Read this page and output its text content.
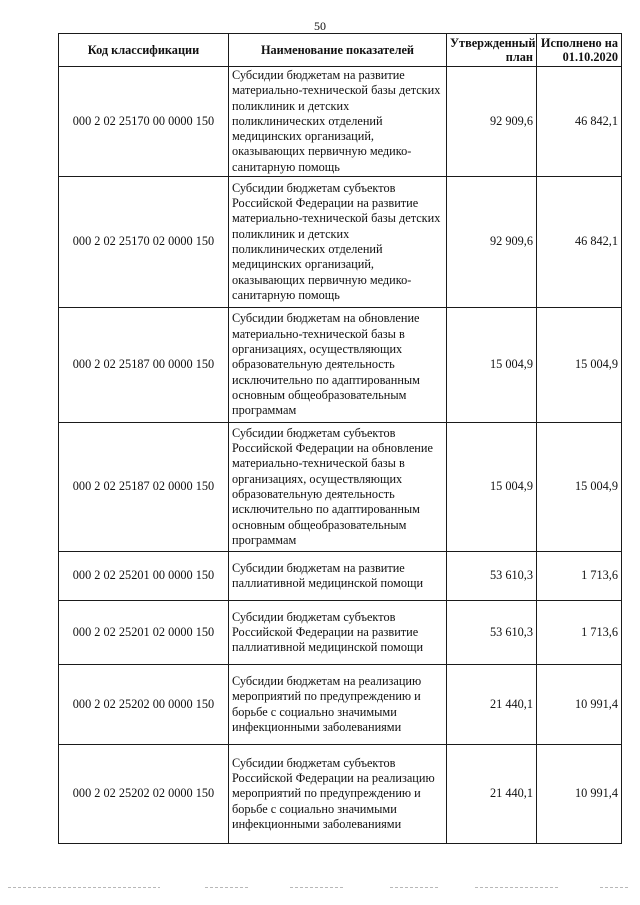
50
Код классификации	Наименование показателей	Утвержденный план	Исполнено на 01.10.2020
000 2 02 25170 00 0000 150	Субсидии бюджетам на развитие материально-технической базы детских поликлиник и детских поликлинических отделений медицинских организаций, оказывающих первичную медико-санитарную помощь	92 909,6	46 842,1
000 2 02 25170 02 0000 150	Субсидии бюджетам субъектов Российской Федерации на развитие материально-технической базы детских поликлиник и детских поликлинических отделений медицинских организаций, оказывающих первичную медико-санитарную помощь	92 909,6	46 842,1
000 2 02 25187 00 0000 150	Субсидии бюджетам на обновление материально-технической базы в организациях, осуществляющих образовательную деятельность исключительно по адаптированным основным общеобразовательным программам	15 004,9	15 004,9
000 2 02 25187 02 0000 150	Субсидии бюджетам субъектов Российской Федерации на обновление материально-технической базы в организациях, осуществляющих образовательную деятельность исключительно по адаптированным основным общеобразовательным программам	15 004,9	15 004,9
000 2 02 25201 00 0000 150	Субсидии бюджетам на развитие паллиативной медицинской помощи	53 610,3	1 713,6
000 2 02 25201 02 0000 150	Субсидии бюджетам субъектов Российской Федерации на развитие паллиативной медицинской помощи	53 610,3	1 713,6
000 2 02 25202 00 0000 150	Субсидии бюджетам на реализацию мероприятий по предупреждению и борьбе с социально значимыми инфекционными заболеваниями	21 440,1	10 991,4
000 2 02 25202 02 0000 150	Субсидии бюджетам субъектов Российской Федерации на реализацию мероприятий по предупреждению и борьбе с социально значимыми инфекционными заболеваниями	21 440,1	10 991,4
